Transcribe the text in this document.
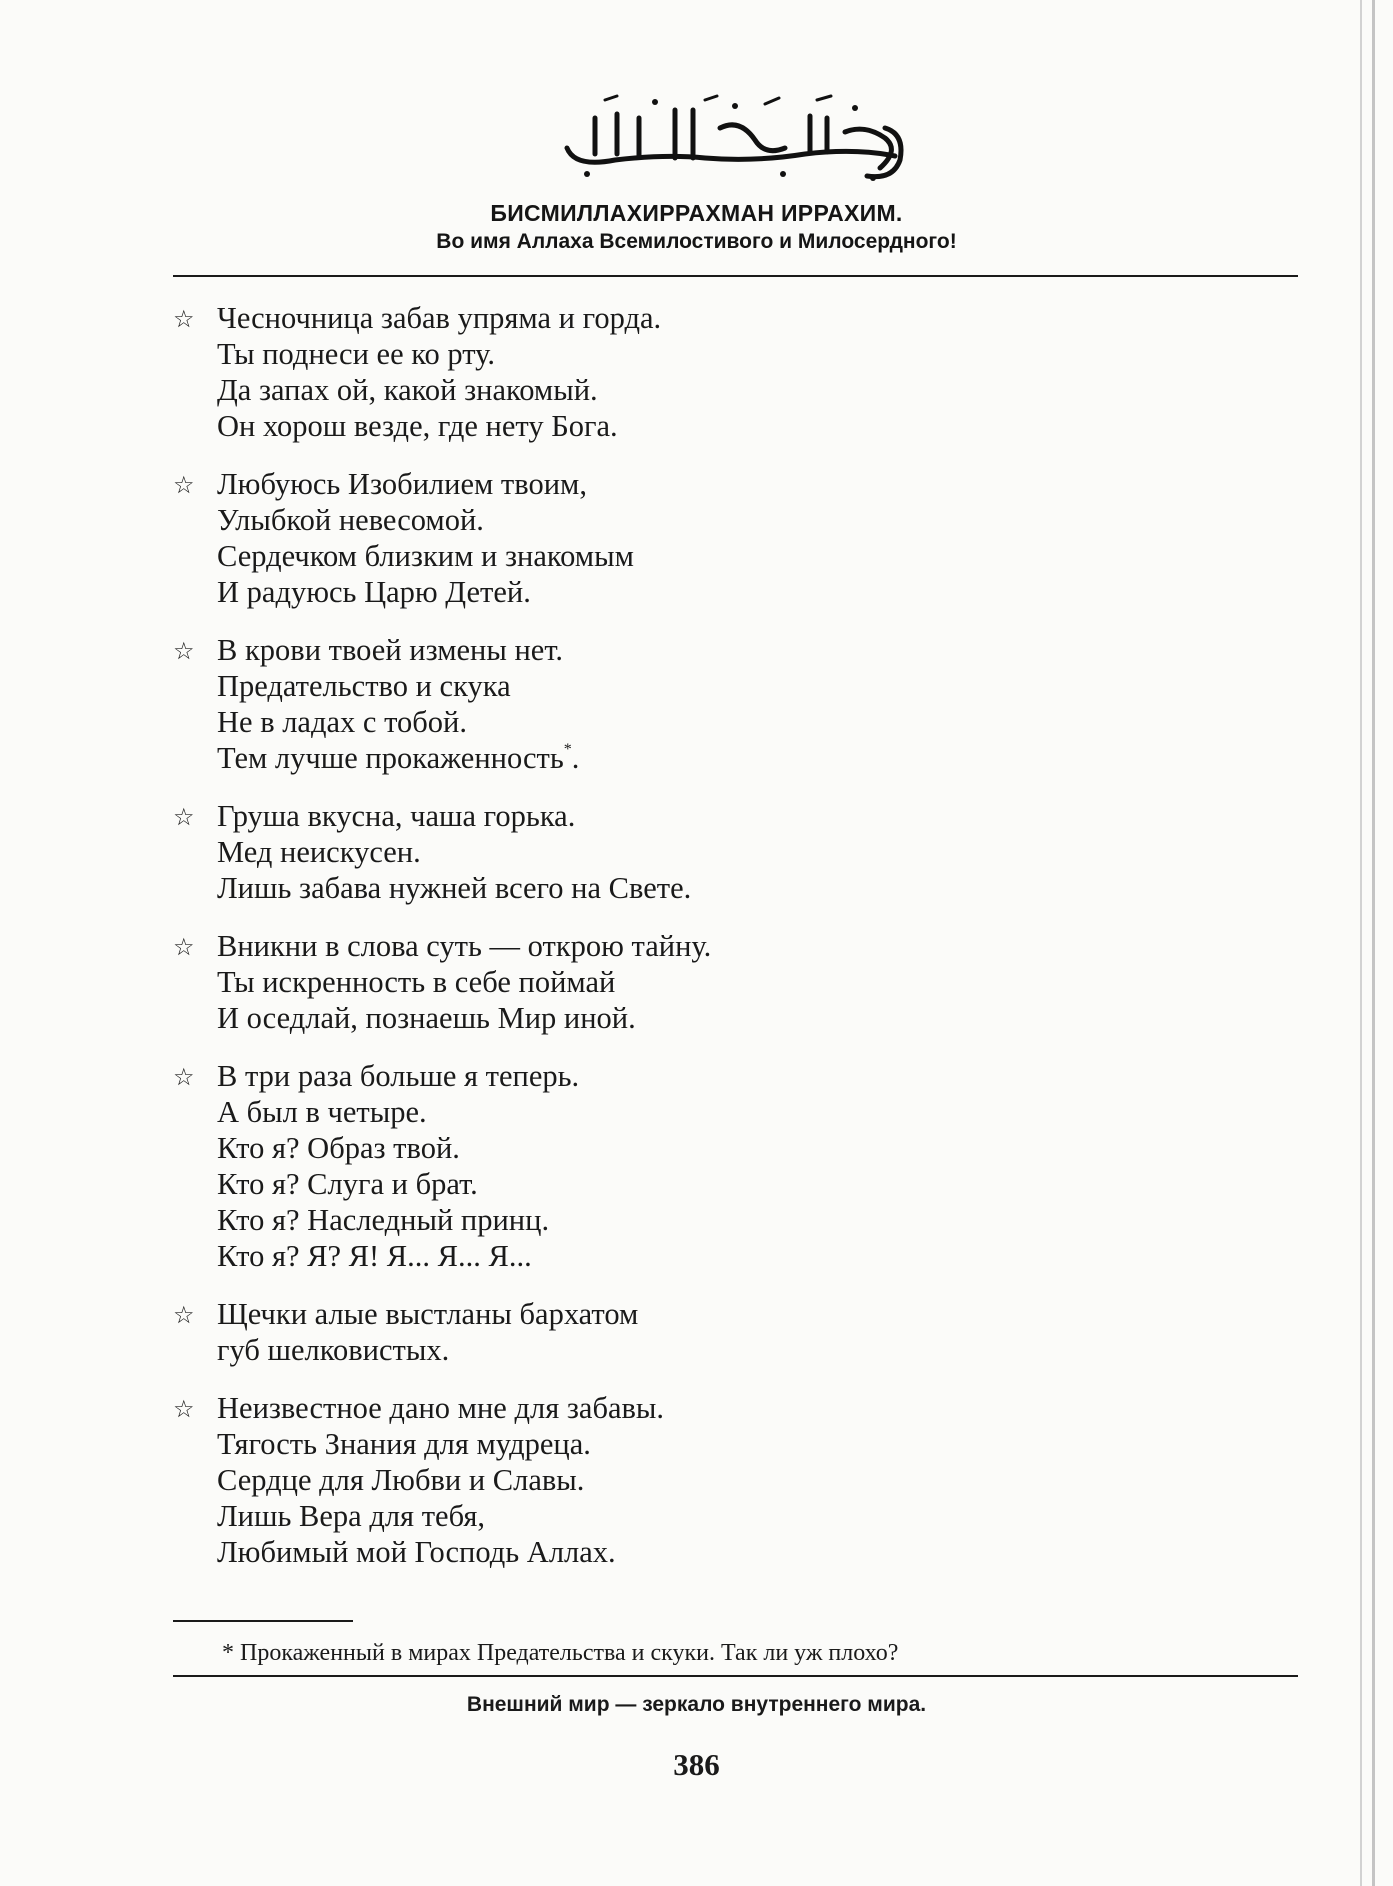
БИСМИЛЛАХИРРАХМАН ИРРАХИМ.
Во имя Аллаха Всемилостивого и Милосердного!
☆ Чесночница забав упряма и горда.
Ты поднеси ее ко рту.
Да запах ой, какой знакомый.
Он хорош везде, где нету Бога.
☆ Любуюсь Изобилием твоим,
Улыбкой невесомой.
Сердечком близким и знакомым
И радуюсь Царю Детей.
☆ В крови твоей измены нет.
Предательство и скука
Не в ладах с тобой.
Тем лучше прокаженность*.
☆ Груша вкусна, чаша горька.
Мед неискусен.
Лишь забава нужней всего на Свете.
☆ Вникни в слова суть — открою тайну.
Ты искренность в себе поймай
И оседлай, познаешь Мир иной.
☆ В три раза больше я теперь.
А был в четыре.
Кто я? Образ твой.
Кто я? Слуга и брат.
Кто я? Наследный принц.
Кто я? Я? Я! Я... Я... Я...
☆ Щечки алые выстланы бархатом
губ шелковистых.
☆ Неизвестное дано мне для забавы.
Тягость Знания для мудреца.
Сердце для Любви и Славы.
Лишь Вера для тебя,
Любимый мой Господь Аллах.
* Прокаженный в мирах Предательства и скуки. Так ли уж плохо?
Внешний мир — зеркало внутреннего мира.
386
